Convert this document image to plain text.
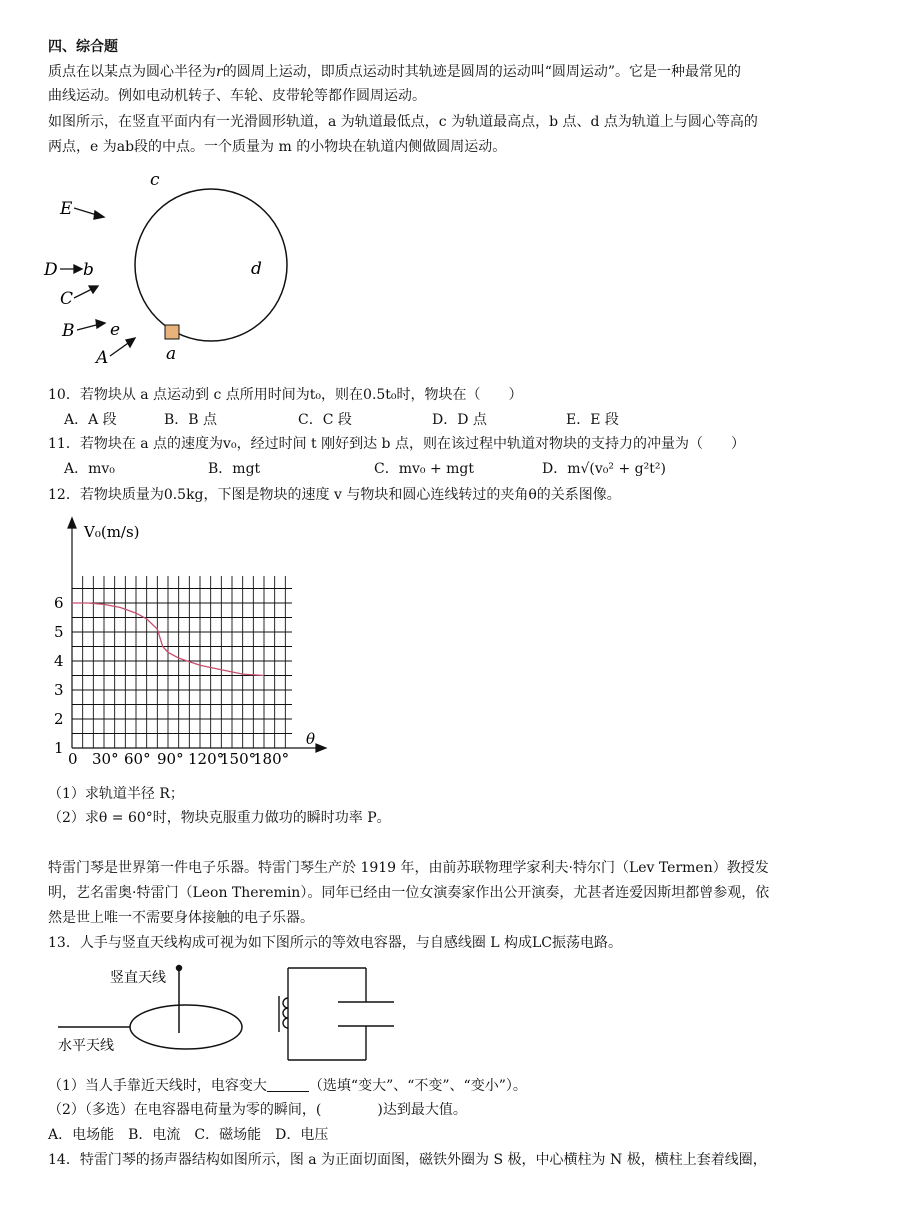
四、综合题
质点在以某点为圆心半径为r的圆周上运动，即质点运动时其轨迹是圆周的运动叫“圆周运动”。它是一种最常见的
曲线运动。例如电动机转子、车轮、皮带轮等都作圆周运动。
如图所示，在竖直平面内有一光滑圆形轨道，a 为轨道最低点，c 为轨道最高点，b 点、d 点为轨道上与圆心等高的
两点，e 为ab段的中点。一个质量为 m 的小物块在轨道内侧做圆周运动。
c
d
b
e
a
E
D
C
B
A
10．若物块从 a 点运动到 c 点所用时间为t₀，则在0.5t₀时，物块在（　　）
A．A 段	B．B 点	C．C 段	D．D 点	E．E 段
11．若物块在 a 点的速度为v₀，经过时间 t 刚好到达 b 点，则在该过程中轨道对物块的支持力的冲量为（　　）
A．mv₀	B．mgt	C．mv₀ + mgt	D．m√(v₀² + g²t²)
12．若物块质量为0.5kg，下图是物块的速度 v 与物块和圆心连线转过的夹角θ的关系图像。
V₀(m/s)
θ
0 30° 60° 90° 120°
150°
180°
1
2
3
4
5
6
（1）求轨道半径 R；
（2）求θ = 60°时，物块克服重力做功的瞬时功率 P。
特雷门琴是世界第一件电子乐器。特雷门琴生产於 1919 年，由前苏联物理学家利夫·特尔门（Lev Termen）教授发
明，艺名雷奥·特雷门（Leon Theremin）。同年已经由一位女演奏家作出公开演奏，尤甚者连爱因斯坦都曾参观，依
然是世上唯一不需要身体接触的电子乐器。
13．人手与竖直天线构成可视为如下图所示的等效电容器，与自感线圈 L 构成LC振荡电路。
竖直天线
水平天线
（1）当人手靠近天线时，电容变大	（选填“变大”、“不变”、“变小”）。
（2）（多选）在电容器电荷量为零的瞬间，(　　　　)达到最大值。
A．电场能　B．电流　C．磁场能　D．电压
14．特雷门琴的扬声器结构如图所示，图 a 为正面切面图，磁铁外圈为 S 极，中心横柱为 N 极，横柱上套着线圈，
